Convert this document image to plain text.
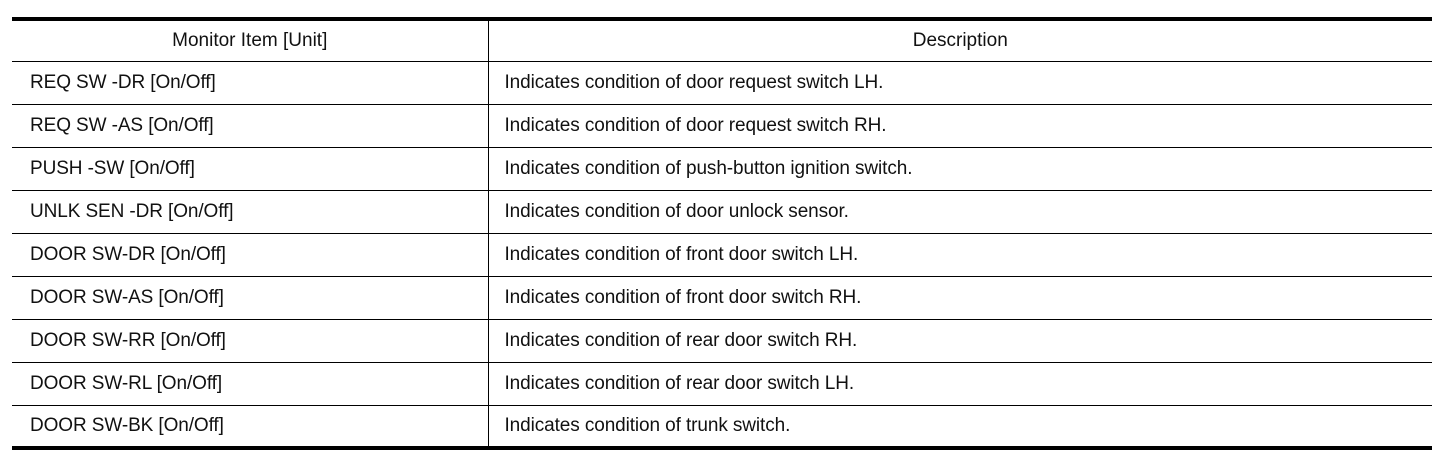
Monitor Item [Unit]	Description
REQ SW -DR [On/Off]	Indicates condition of door request switch LH.
REQ SW -AS [On/Off]	Indicates condition of door request switch RH.
PUSH -SW [On/Off]	Indicates condition of push-button ignition switch.
UNLK SEN -DR [On/Off]	Indicates condition of door unlock sensor.
DOOR SW-DR [On/Off]	Indicates condition of front door switch LH.
DOOR SW-AS [On/Off]	Indicates condition of front door switch RH.
DOOR SW-RR [On/Off]	Indicates condition of rear door switch RH.
DOOR SW-RL [On/Off]	Indicates condition of rear door switch LH.
DOOR SW-BK [On/Off]	Indicates condition of trunk switch.
